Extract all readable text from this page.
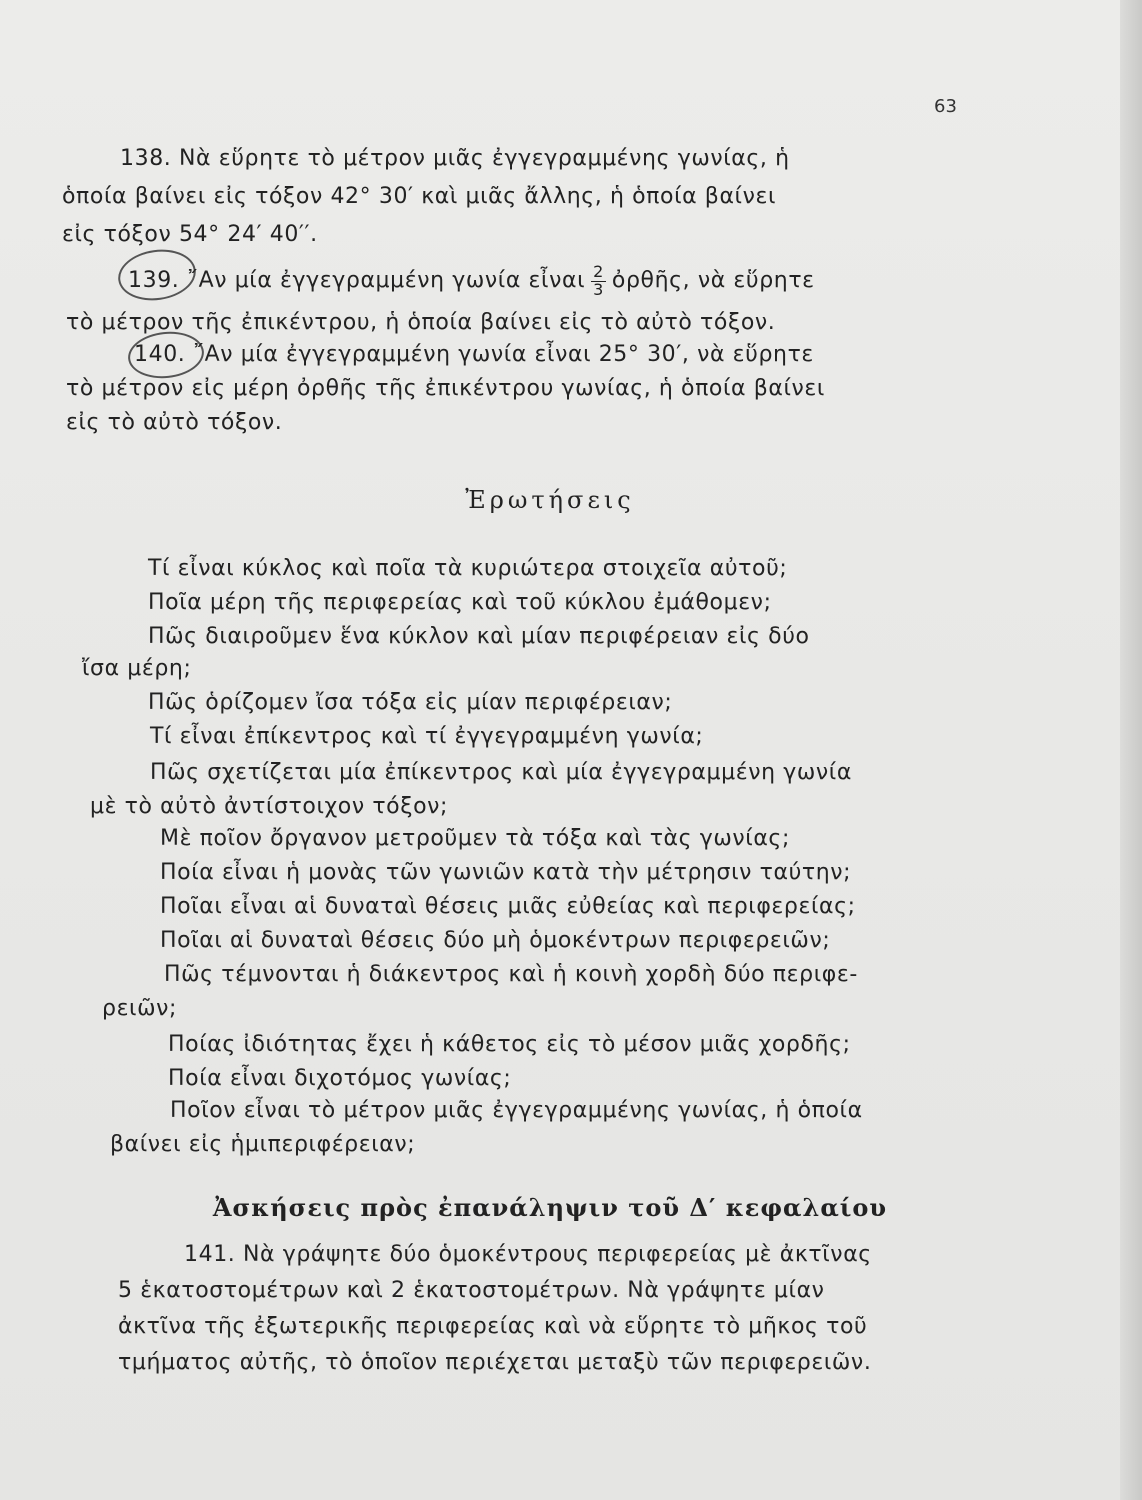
63
138. Νὰ εὕρητε τὸ μέτρον μιᾶς ἐγγεγραμμένης γωνίας, ἡ
ὁποία βαίνει εἰς τόξον 42° 30′ καὶ μιᾶς ἄλλης, ἡ ὁποία βαίνει
εἰς τόξον 54° 24′ 40′′.
139. ῎Αν μία ἐγγεγραμμένη γωνία εἶναι $\frac{2}{3}$ ὀρθῆς, νὰ εὕρητε
τὸ μέτρον τῆς ἐπικέντρου, ἡ ὁποία βαίνει εἰς τὸ αὐτὸ τόξον.
140. ῎Αν μία ἐγγεγραμμένη γωνία εἶναι 25° 30′, νὰ εὕρητε
τὸ μέτρον εἰς μέρη ὀρθῆς τῆς ἐπικέντρου γωνίας, ἡ ὁποία βαίνει
εἰς τὸ αὐτὸ τόξον.
Ἐρωτήσεις
Τί εἶναι κύκλος καὶ ποῖα τὰ κυριώτερα στοιχεῖα αὐτοῦ;
Ποῖα μέρη τῆς περιφερείας καὶ τοῦ κύκλου ἐμάθομεν;
Πῶς διαιροῦμεν ἕνα κύκλον καὶ μίαν περιφέρειαν εἰς δύο
ἴσα μέρη;
Πῶς ὁρίζομεν ἴσα τόξα εἰς μίαν περιφέρειαν;
Τί εἶναι ἐπίκεντρος καὶ τί ἐγγεγραμμένη γωνία;
Πῶς σχετίζεται μία ἐπίκεντρος καὶ μία ἐγγεγραμμένη γωνία
μὲ τὸ αὐτὸ ἀντίστοιχον τόξον;
Μὲ ποῖον ὄργανον μετροῦμεν τὰ τόξα καὶ τὰς γωνίας;
Ποία εἶναι ἡ μονὰς τῶν γωνιῶν κατὰ τὴν μέτρησιν ταύτην;
Ποῖαι εἶναι αἱ δυναταὶ θέσεις μιᾶς εὐθείας καὶ περιφερείας;
Ποῖαι αἱ δυναταὶ θέσεις δύο μὴ ὁμοκέντρων περιφερειῶν;
Πῶς τέμνονται ἡ διάκεντρος καὶ ἡ κοινὴ χορδὴ δύο περιφε-
ρειῶν;
Ποίας ἰδιότητας ἔχει ἡ κάθετος εἰς τὸ μέσον μιᾶς χορδῆς;
Ποία εἶναι διχοτόμος γωνίας;
Ποῖον εἶναι τὸ μέτρον μιᾶς ἐγγεγραμμένης γωνίας, ἡ ὁποία
βαίνει εἰς ἡμιπεριφέρειαν;
Ἀσκήσεις πρὸς ἐπανάληψιν τοῦ Δ′ κεφαλαίου
141. Νὰ γράψητε δύο ὁμοκέντρους περιφερείας μὲ ἀκτῖνας
5 ἑκατοστομέτρων καὶ 2 ἑκατοστομέτρων. Νὰ γράψητε μίαν
ἀκτῖνα τῆς ἐξωτερικῆς περιφερείας καὶ νὰ εὕρητε τὸ μῆκος τοῦ
τμήματος αὐτῆς, τὸ ὁποῖον περιέχεται μεταξὺ τῶν περιφερειῶν.
